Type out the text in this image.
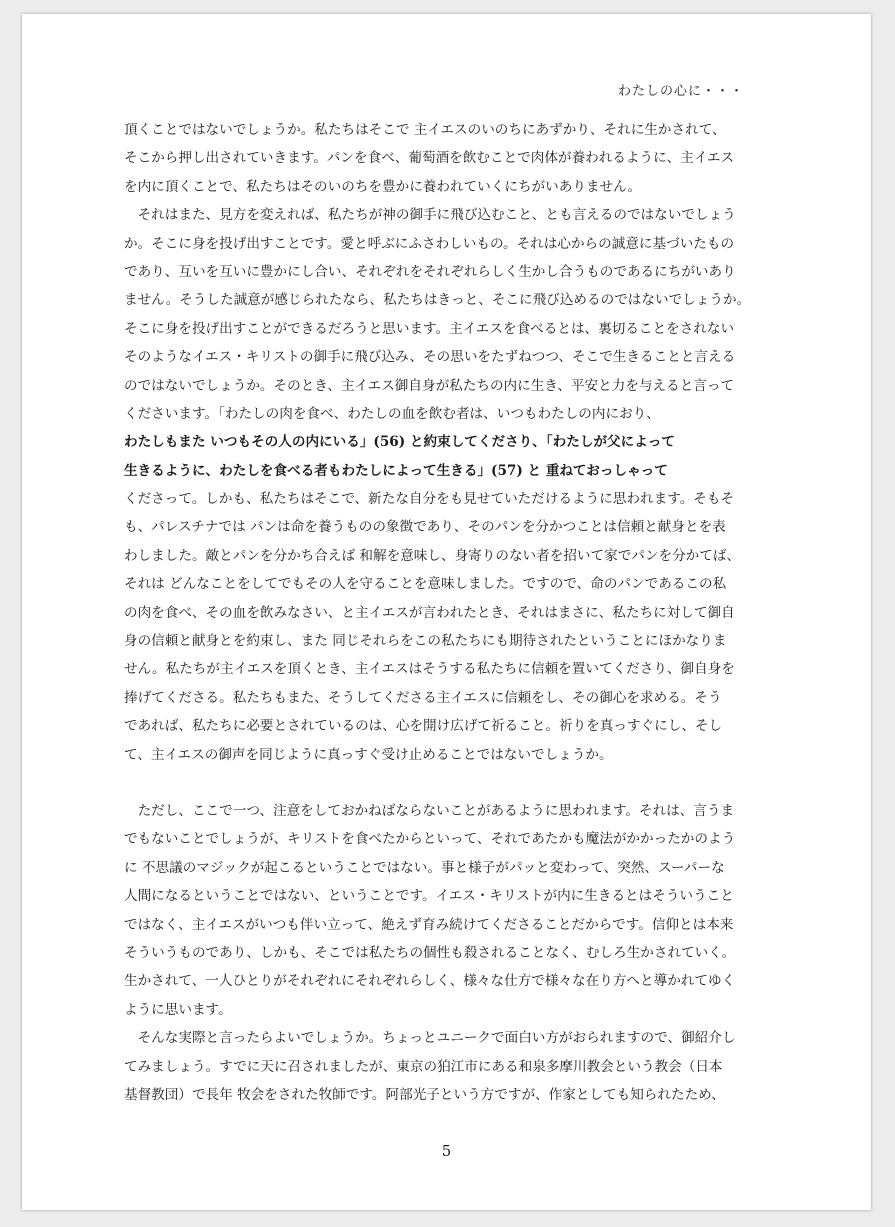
わたしの心に・・・
頂くことではないでしょうか。私たちはそこで 主イエスのいのちにあずかり、それに生かされて、
そこから押し出されていきます。パンを食べ、葡萄酒を飲むことで肉体が養われるように、主イエス
を内に頂くことで、私たちはそのいのちを豊かに養われていくにちがいありません。
　それはまた、見方を変えれば、私たちが神の御手に飛び込むこと、とも言えるのではないでしょう
か。そこに身を投げ出すことです。愛と呼ぶにふさわしいもの。それは心からの誠意に基づいたもの
であり、互いを互いに豊かにし合い、それぞれをそれぞれらしく生かし合うものであるにちがいあり
ません。そうした誠意が感じられたなら、私たちはきっと、そこに飛び込めるのではないでしょうか。
そこに身を投げ出すことができるだろうと思います。主イエスを食べるとは、裏切ることをされない
そのようなイエス・キリストの御手に飛び込み、その思いをたずねつつ、そこで生きることと言える
のではないでしょうか。そのとき、主イエス御自身が私たちの内に生き、平安と力を与えると言って
くださいます。「わたしの肉を食べ、わたしの血を飲む者は、いつもわたしの内におり、
わたしもまた いつもその人の内にいる」(56) と約束してくださり、「わたしが父によって
生きるように、わたしを食べる者もわたしによって生きる」(57) と 重ねておっしゃって
くださって。しかも、私たちはそこで、新たな自分をも見せていただけるように思われます。そもそ
も、パレスチナでは パンは命を養うものの象徴であり、そのパンを分かつことは信頼と献身とを表
わしました。敵とパンを分かち合えば 和解を意味し、身寄りのない者を招いて家でパンを分かてば、
それは どんなことをしてでもその人を守ることを意味しました。ですので、命のパンであるこの私
の肉を食べ、その血を飲みなさい、と主イエスが言われたとき、それはまさに、私たちに対して御自
身の信頼と献身とを約束し、また 同じそれらをこの私たちにも期待されたということにほかなりま
せん。私たちが主イエスを頂くとき、主イエスはそうする私たちに信頼を置いてくださり、御自身を
捧げてくださる。私たちもまた、そうしてくださる主イエスに信頼をし、その御心を求める。そう
であれば、私たちに必要とされているのは、心を開け広げて祈ること。祈りを真っすぐにし、そし
て、主イエスの御声を同じように真っすぐ受け止めることではないでしょうか。
　ただし、ここで一つ、注意をしておかねばならないことがあるように思われます。それは、言うま
でもないことでしょうが、キリストを食べたからといって、それであたかも魔法がかかったかのよう
に 不思議のマジックが起こるということではない。事と様子がパッと変わって、突然、スーパーな
人間になるということではない、ということです。イエス・キリストが内に生きるとはそういうこと
ではなく、主イエスがいつも伴い立って、絶えず育み続けてくださることだからです。信仰とは本来
そういうものであり、しかも、そこでは私たちの個性も殺されることなく、むしろ生かされていく。
生かされて、一人ひとりがそれぞれにそれぞれらしく、様々な仕方で様々な在り方へと導かれてゆく
ように思います。
　そんな実際と言ったらよいでしょうか。ちょっとユニークで面白い方がおられますので、御紹介し
てみましょう。すでに天に召されましたが、東京の狛江市にある和泉多摩川教会という教会（日本
基督教団）で長年 牧会をされた牧師です。阿部光子という方ですが、作家としても知られたため、
5
